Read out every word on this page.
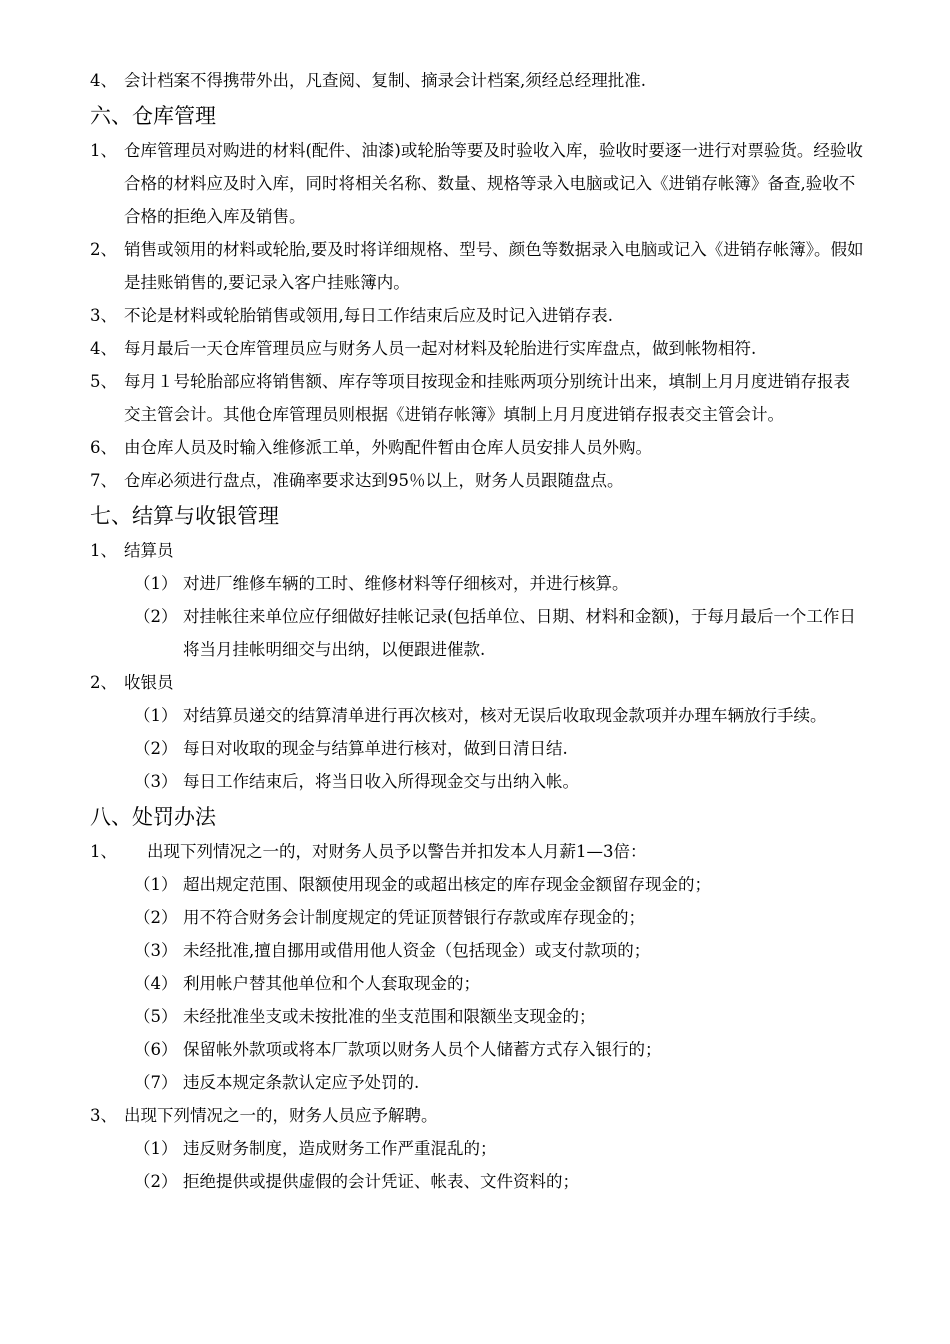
4、 会计档案不得携带外出，凡查阅、复制、摘录会计档案,须经总经理批准.
六、仓库管理
1、 仓库管理员对购进的材料(配件、油漆)或轮胎等要及时验收入库，验收时要逐一进行对票验货。经验收合格的材料应及时入库，同时将相关名称、数量、规格等录入电脑或记入《进销存帐簿》备查,验收不合格的拒绝入库及销售。
2、 销售或领用的材料或轮胎,要及时将详细规格、型号、颜色等数据录入电脑或记入《进销存帐簿》。假如是挂账销售的,要记录入客户挂账簿内。
3、 不论是材料或轮胎销售或领用,每日工作结束后应及时记入进销存表.
4、 每月最后一天仓库管理员应与财务人员一起对材料及轮胎进行实库盘点，做到帐物相符.
5、 每月１号轮胎部应将销售额、库存等项目按现金和挂账两项分别统计出来，填制上月月度进销存报表交主管会计。其他仓库管理员则根据《进销存帐簿》填制上月月度进销存报表交主管会计。
6、 由仓库人员及时输入维修派工单，外购配件暂由仓库人员安排人员外购。
7、 仓库必须进行盘点，准确率要求达到95％以上，财务人员跟随盘点。
七、结算与收银管理
1、 结算员
（1） 对进厂维修车辆的工时、维修材料等仔细核对，并进行核算。
（2） 对挂帐往来单位应仔细做好挂帐记录(包括单位、日期、材料和金额)，于每月最后一个工作日将当月挂帐明细交与出纳，以便跟进催款.
2、 收银员
（1） 对结算员递交的结算清单进行再次核对，核对无误后收取现金款项并办理车辆放行手续。
（2） 每日对收取的现金与结算单进行核对，做到日清日结.
（3） 每日工作结束后，将当日收入所得现金交与出纳入帐。
八、处罚办法
1、 出现下列情况之一的，对财务人员予以警告并扣发本人月薪1—3倍：
（1） 超出规定范围、限额使用现金的或超出核定的库存现金金额留存现金的；
（2） 用不符合财务会计制度规定的凭证顶替银行存款或库存现金的；
（3） 未经批准,擅自挪用或借用他人资金（包括现金）或支付款项的；
（4） 利用帐户替其他单位和个人套取现金的；
（5） 未经批准坐支或未按批准的坐支范围和限额坐支现金的；
（6） 保留帐外款项或将本厂款项以财务人员个人储蓄方式存入银行的；
（7） 违反本规定条款认定应予处罚的.
3、 出现下列情况之一的，财务人员应予解聘。
（1） 违反财务制度，造成财务工作严重混乱的；
（2） 拒绝提供或提供虚假的会计凭证、帐表、文件资料的；
